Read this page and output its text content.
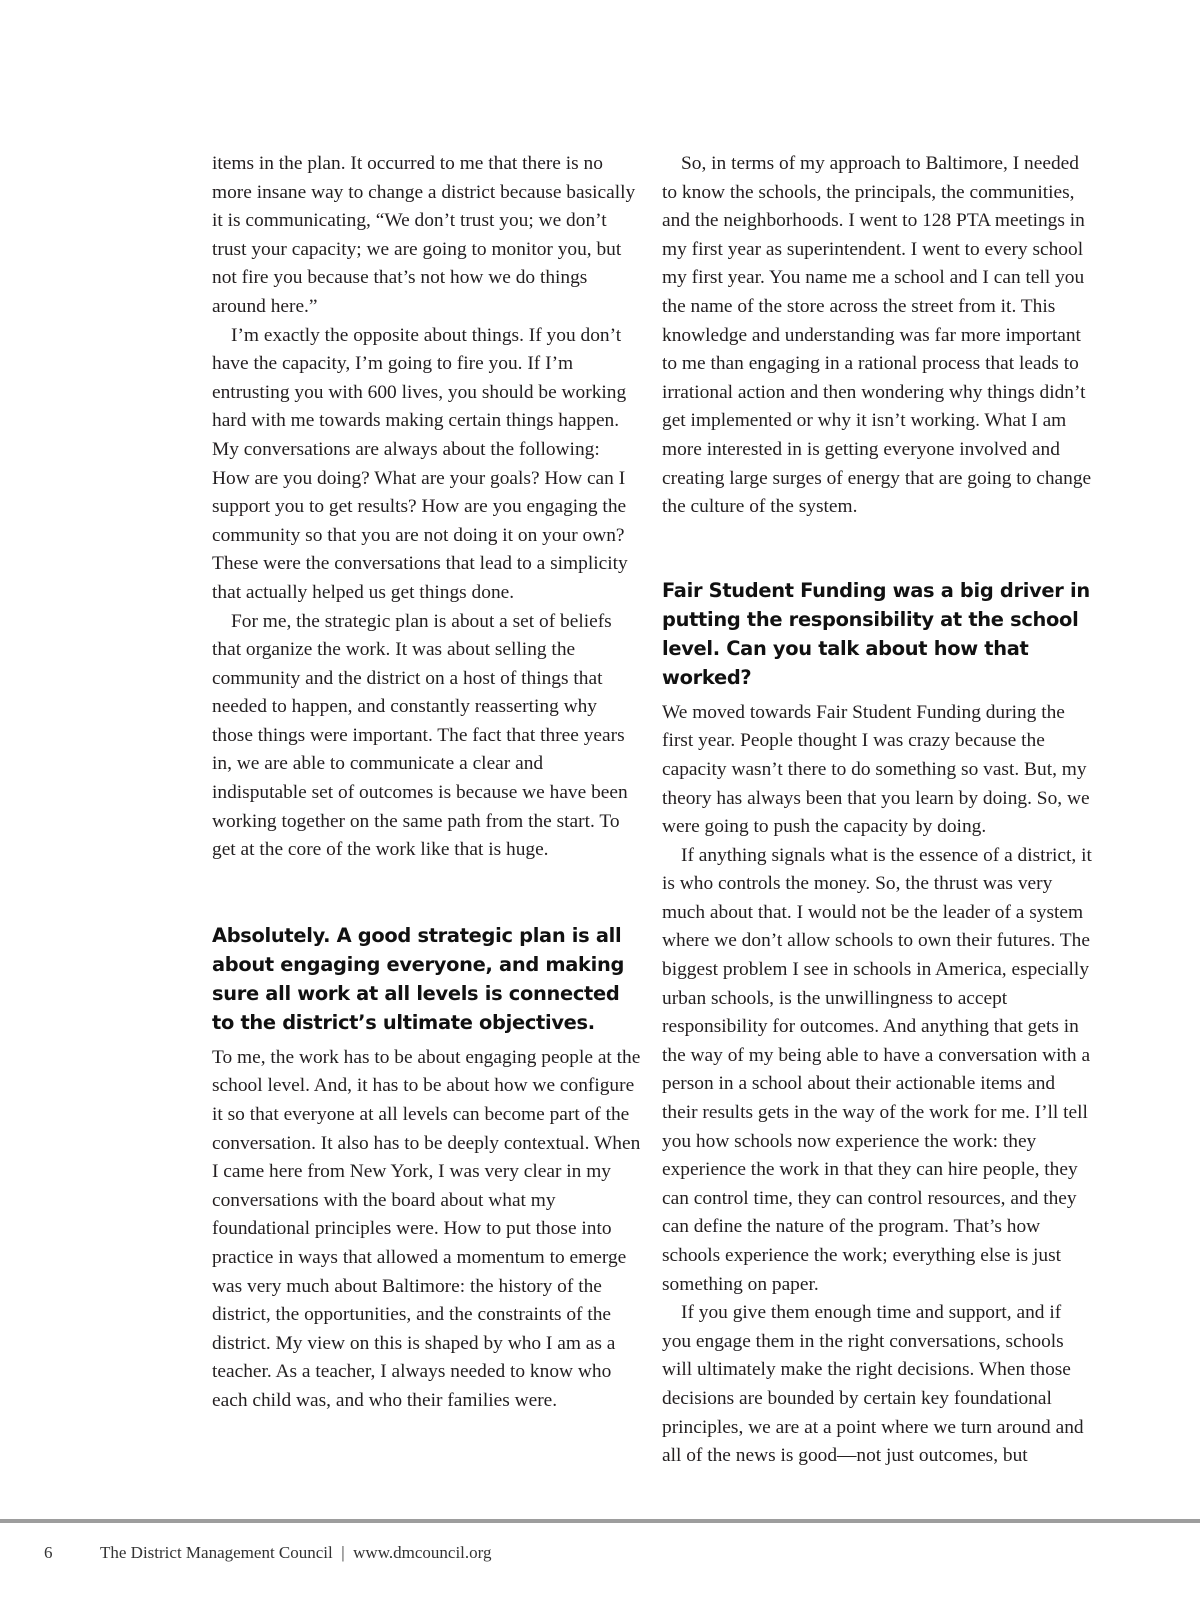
items in the plan. It occurred to me that there is no more insane way to change a district because basically it is communicating, “We don’t trust you; we don’t trust your capacity; we are going to monitor you, but not fire you because that’s not how we do things around here.”

I’m exactly the opposite about things. If you don’t have the capacity, I’m going to fire you. If I’m entrusting you with 600 lives, you should be working hard with me towards making certain things happen. My conversations are always about the following: How are you doing? What are your goals? How can I support you to get results? How are you engaging the community so that you are not doing it on your own? These were the conversations that lead to a simplicity that actually helped us get things done.

For me, the strategic plan is about a set of beliefs that organize the work. It was about selling the community and the district on a host of things that needed to happen, and constantly reasserting why those things were important. The fact that three years in, we are able to communicate a clear and indisputable set of outcomes is because we have been working together on the same path from the start. To get at the core of the work like that is huge.

Absolutely. A good strategic plan is all about engaging everyone, and making sure all work at all levels is connected to the district’s ultimate objectives.

To me, the work has to be about engaging people at the school level. And, it has to be about how we configure it so that everyone at all levels can become part of the conversation. It also has to be deeply contextual. When I came here from New York, I was very clear in my conversations with the board about what my foundational principles were. How to put those into practice in ways that allowed a momentum to emerge was very much about Baltimore: the history of the district, the opportunities, and the constraints of the district. My view on this is shaped by who I am as a teacher. As a teacher, I always needed to know who each child was, and who their families were.

So, in terms of my approach to Baltimore, I needed to know the schools, the principals, the communities, and the neighborhoods. I went to 128 PTA meetings in my first year as superintendent. I went to every school my first year. You name me a school and I can tell you the name of the store across the street from it. This knowledge and understanding was far more important to me than engaging in a rational process that leads to irrational action and then wondering why things didn’t get implemented or why it isn’t working. What I am more interested in is getting everyone involved and creating large surges of energy that are going to change the culture of the system.

Fair Student Funding was a big driver in putting the responsibility at the school level. Can you talk about how that worked?

We moved towards Fair Student Funding during the first year. People thought I was crazy because the capacity wasn’t there to do something so vast. But, my theory has always been that you learn by doing. So, we were going to push the capacity by doing.

If anything signals what is the essence of a district, it is who controls the money. So, the thrust was very much about that. I would not be the leader of a system where we don’t allow schools to own their futures. The biggest problem I see in schools in America, especially urban schools, is the unwillingness to accept responsibility for outcomes. And anything that gets in the way of my being able to have a conversation with a person in a school about their actionable items and their results gets in the way of the work for me. I’ll tell you how schools now experience the work: they experience the work in that they can hire people, they can control time, they can control resources, and they can define the nature of the program. That’s how schools experience the work; everything else is just something on paper.

If you give them enough time and support, and if you engage them in the right conversations, schools will ultimately make the right decisions. When those decisions are bounded by certain key foundational principles, we are at a point where we turn around and all of the news is good—not just outcomes, but

6	The District Management Council  |  www.dmcouncil.org
